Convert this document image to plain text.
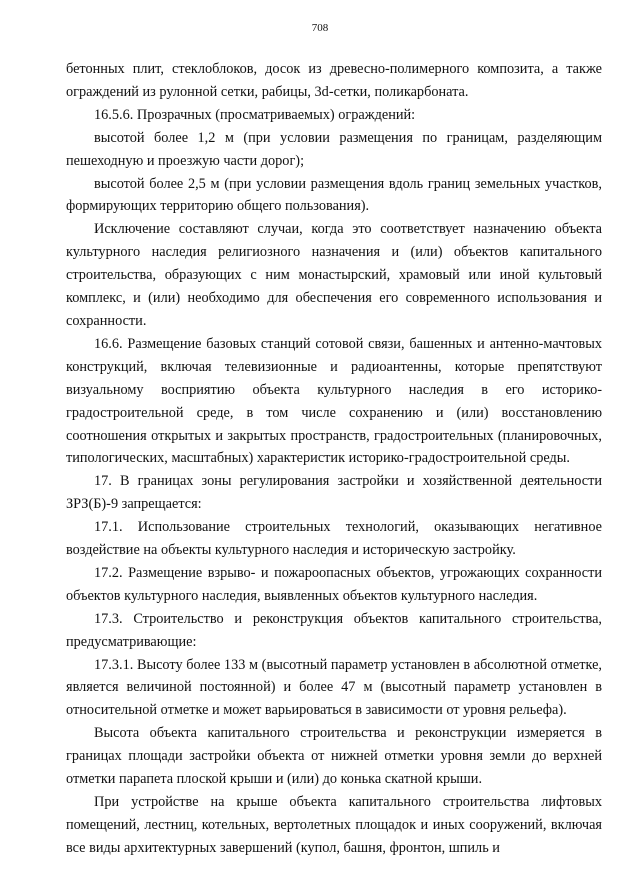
708

бетонных плит, стеклоблоков, досок из древесно-полимерного композита, а также ограждений из рулонной сетки, рабицы, 3d-сетки, поликарбоната.

16.5.6. Прозрачных (просматриваемых) ограждений:

высотой более 1,2 м (при условии размещения по границам, разделяющим пешеходную и проезжую части дорог);

высотой более 2,5 м (при условии размещения вдоль границ земельных участков, формирующих территорию общего пользования).

Исключение составляют случаи, когда это соответствует назначению объекта культурного наследия религиозного назначения и (или) объектов капитального строительства, образующих с ним монастырский, храмовый или иной культовый комплекс, и (или) необходимо для обеспечения его современного использования и сохранности.

16.6. Размещение базовых станций сотовой связи, башенных и антенно-мачтовых конструкций, включая телевизионные и радиоантенны, которые препятствуют визуальному восприятию объекта культурного наследия в его историко-градостроительной среде, в том числе сохранению и (или) восстановлению соотношения открытых и закрытых пространств, градостроительных (планировочных, типологических, масштабных) характеристик историко-градостроительной среды.

17. В границах зоны регулирования застройки и хозяйственной деятельности ЗРЗ(Б)-9 запрещается:

17.1. Использование строительных технологий, оказывающих негативное воздействие на объекты культурного наследия и историческую застройку.

17.2. Размещение взрыво- и пожароопасных объектов, угрожающих сохранности объектов культурного наследия, выявленных объектов культурного наследия.

17.3. Строительство и реконструкция объектов капитального строительства, предусматривающие:

17.3.1. Высоту более 133 м (высотный параметр установлен в абсолютной отметке, является величиной постоянной) и более 47 м (высотный параметр установлен в относительной отметке и может варьироваться в зависимости от уровня рельефа).

Высота объекта капитального строительства и реконструкции измеряется в границах площади застройки объекта от нижней отметки уровня земли до верхней отметки парапета плоской крыши и (или) до конька скатной крыши.

При устройстве на крыше объекта капитального строительства лифтовых помещений, лестниц, котельных, вертолетных площадок и иных сооружений, включая все виды архитектурных завершений (купол, башня, фронтон, шпиль и
